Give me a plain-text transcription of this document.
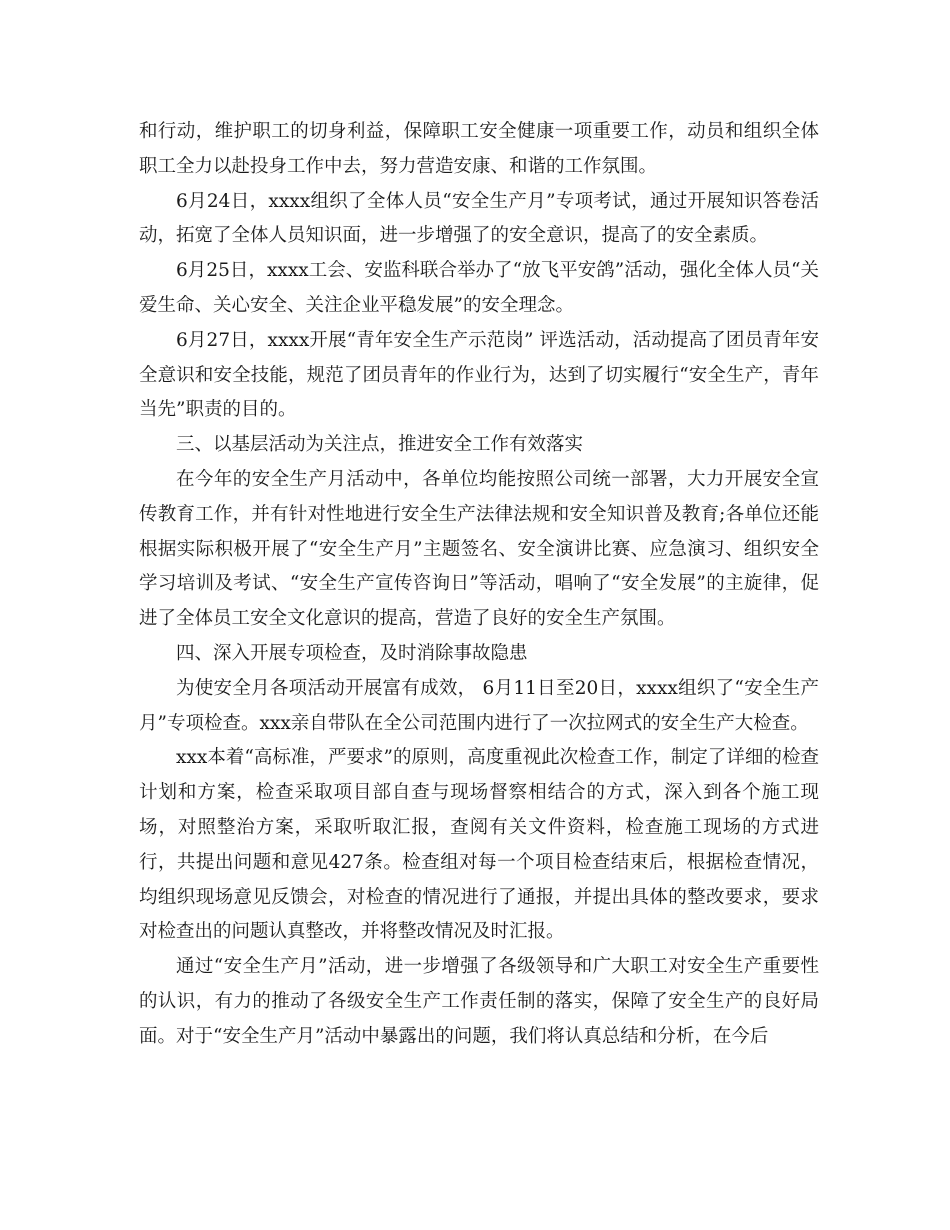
和行动，维护职工的切身利益，保障职工安全健康一项重要工作，动员和组织全体职工全力以赴投身工作中去，努力营造安康、和谐的工作氛围。

6月24日，xxxx组织了全体人员“安全生产月”专项考试，通过开展知识答卷活动，拓宽了全体人员知识面，进一步增强了的安全意识，提高了的安全素质。

6月25日，xxxx工会、安监科联合举办了“放飞平安鸽”活动，强化全体人员“关爱生命、关心安全、关注企业平稳发展”的安全理念。

6月27日，xxxx开展“青年安全生产示范岗” 评选活动，活动提高了团员青年安全意识和安全技能，规范了团员青年的作业行为，达到了切实履行“安全生产，青年当先”职责的目的。

三、以基层活动为关注点，推进安全工作有效落实

在今年的安全生产月活动中，各单位均能按照公司统一部署，大力开展安全宣传教育工作，并有针对性地进行安全生产法律法规和安全知识普及教育;各单位还能根据实际积极开展了“安全生产月”主题签名、安全演讲比赛、应急演习、组织安全学习培训及考试、“安全生产宣传咨询日”等活动，唱响了“安全发展”的主旋律，促进了全体员工安全文化意识的提高，营造了良好的安全生产氛围。

四、深入开展专项检查，及时消除事故隐患

为使安全月各项活动开展富有成效， 6月11日至20日，xxxx组织了“安全生产月”专项检查。xxx亲自带队在全公司范围内进行了一次拉网式的安全生产大检查。

xxx本着“高标准，严要求”的原则，高度重视此次检查工作，制定了详细的检查计划和方案，检查采取项目部自查与现场督察相结合的方式，深入到各个施工现场，对照整治方案，采取听取汇报，查阅有关文件资料，检查施工现场的方式进行，共提出问题和意见427条。检查组对每一个项目检查结束后，根据检查情况，均组织现场意见反馈会，对检查的情况进行了通报，并提出具体的整改要求，要求对检查出的问题认真整改，并将整改情况及时汇报。

通过“安全生产月”活动，进一步增强了各级领导和广大职工对安全生产重要性的认识，有力的推动了各级安全生产工作责任制的落实，保障了安全生产的良好局面。对于“安全生产月”活动中暴露出的问题，我们将认真总结和分析，在今后
